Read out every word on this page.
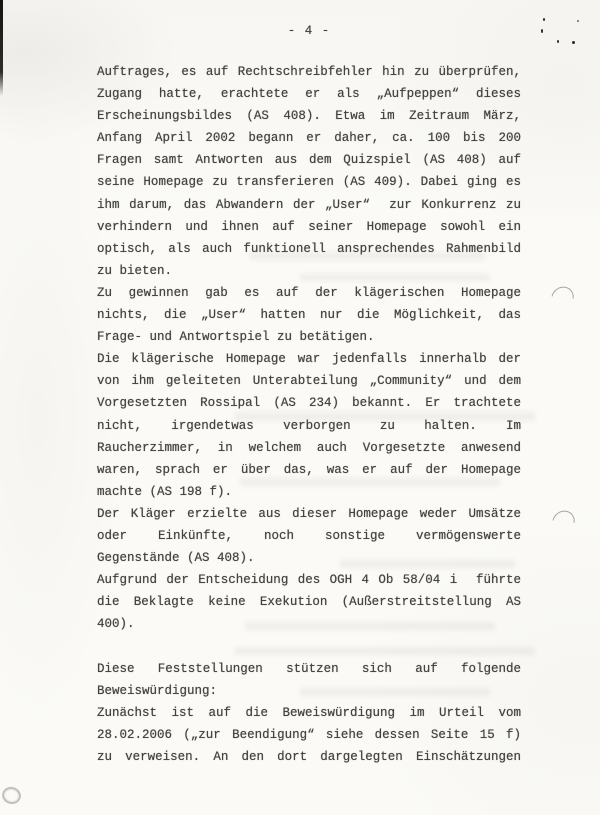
- 4 -
Auftrages, es auf Rechtschreibfehler hin zu überprüfen,
Zugang hatte, erachtete er als „Aufpeppen“ dieses
Erscheinungsbildes (AS 408). Etwa im Zeitraum März,
Anfang April 2002 begann er daher, ca. 100 bis 200
Fragen samt Antworten aus dem Quizspiel (AS 408) auf
seine Homepage zu transferieren (AS 409). Dabei ging es
ihm darum, das Abwandern der „User“  zur Konkurrenz zu
verhindern und ihnen auf seiner Homepage sowohl ein
optisch, als auch funktionell ansprechendes Rahmenbild
zu bieten.
Zu gewinnen gab es auf der klägerischen Homepage
nichts, die „User“ hatten nur die Möglichkeit, das
Frage- und Antwortspiel zu betätigen.
Die klägerische Homepage war jedenfalls innerhalb der
von ihm geleiteten Unterabteilung „Community“ und dem
Vorgesetzten Rossipal (AS 234) bekannt. Er trachtete
nicht, irgendetwas verborgen zu halten. Im
Raucherzimmer, in welchem auch Vorgesetzte anwesend
waren, sprach er über das, was er auf der Homepage
machte (AS 198 f).
Der Kläger erzielte aus dieser Homepage weder Umsätze
oder Einkünfte, noch sonstige vermögenswerte
Gegenstände (AS 408).
Aufgrund der Entscheidung des OGH 4 Ob 58/04 i  führte
die Beklagte keine Exekution (Außerstreitstellung AS
400).

Diese Feststellungen stützen sich auf folgende
Beweiswürdigung:
Zunächst ist auf die Beweiswürdigung im Urteil vom
28.02.2006 („zur Beendigung“ siehe dessen Seite 15 f)
zu verweisen. An den dort dargelegten Einschätzungen
